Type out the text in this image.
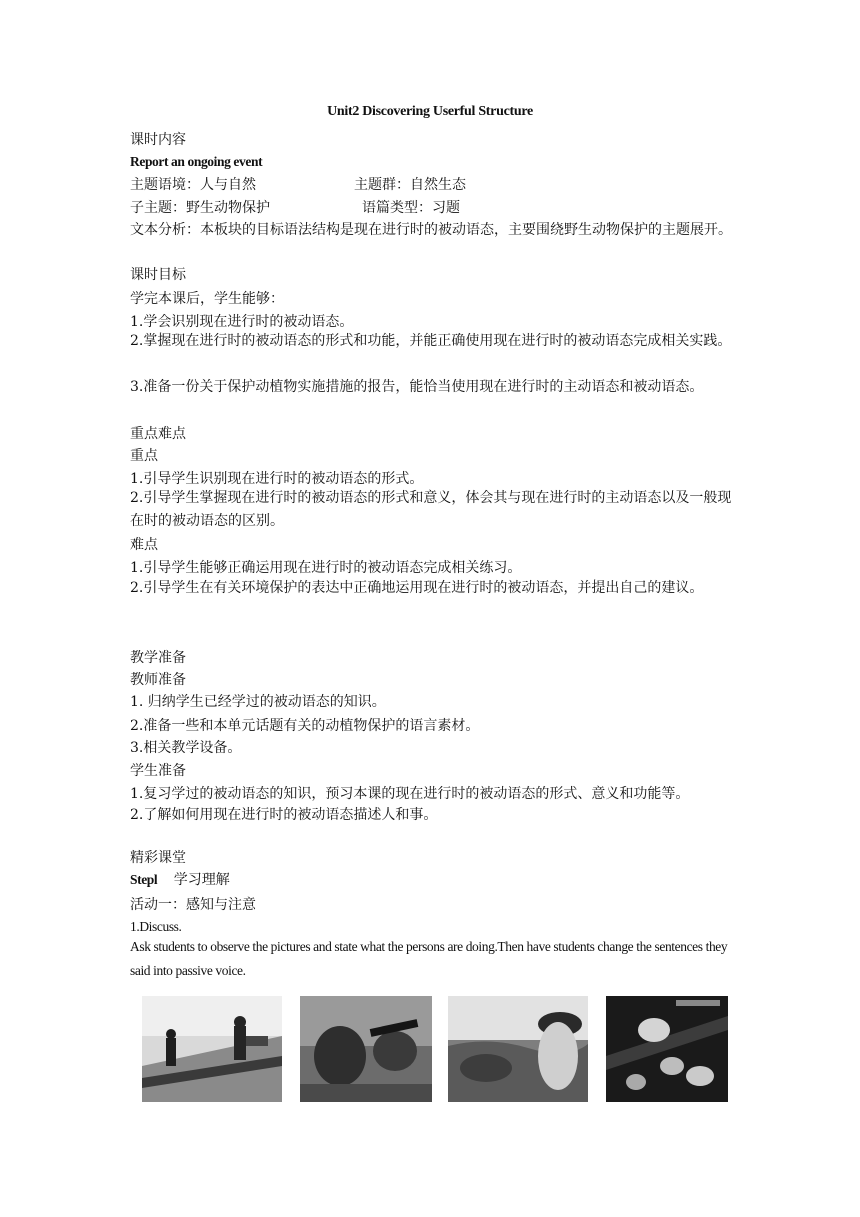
Unit2 Discovering Userful Structure
课时内容
Report an ongoing event
主题语境：人与自然	主题群：自然生态
子主题：野生动物保护	语篇类型：习题
文本分析：本板块的目标语法结构是现在进行时的被动语态，主要围绕野生动物保护的主题展开。
课时目标
学完本课后，学生能够：
1.学会识别现在进行时的被动语态。
2.掌握现在进行时的被动语态的形式和功能，并能正确使用现在进行时的被动语态完成相关实践。
3.准备一份关于保护动植物实施措施的报告，能恰当使用现在进行时的主动语态和被动语态。
重点难点
重点
1.引导学生识别现在进行时的被动语态的形式。
2.引导学生掌握现在进行时的被动语态的形式和意义，体会其与现在进行时的主动语态以及一般现在时的被动语态的区别。
难点
1.引导学生能够正确运用现在进行时的被动语态完成相关练习。
2.引导学生在有关环境保护的表达中正确地运用现在进行时的被动语态，并提出自己的建议。
教学准备
教师准备
1. 归纳学生已经学过的被动语态的知识。
2.准备一些和本单元话题有关的动植物保护的语言素材。
3.相关教学设备。
学生准备
1.复习学过的被动语态的知识，预习本课的现在进行时的被动语态的形式、意义和功能等。
2.了解如何用现在进行时的被动语态描述人和事。
精彩课堂
Stepl 学习理解
活动一：感知与注意
1.Discuss.
Ask students to observe the pictures and state what the persons are doing.Then have students change the sentences they said into passive voice.
